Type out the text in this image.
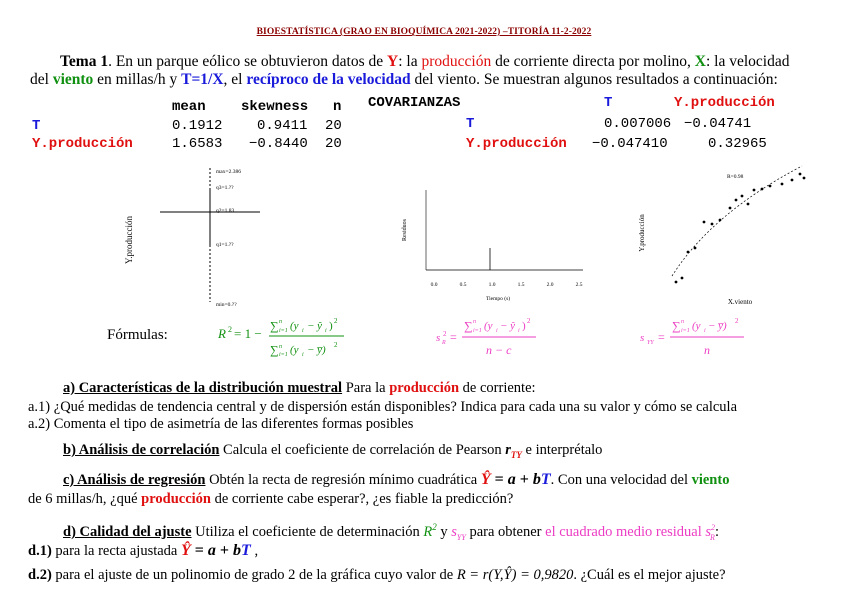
BIOESTATÍSTICA (GRAO EN BIOQUÍMICA 2021-2022) –TITORÍA 11-2-2022
Tema 1. En un parque eólico se obtuvieron datos de Y: la producción de corriente directa por molino, X: la velocidad
del viento en millas/h y T=1/X, el recíproco de la velocidad del viento. Se muestran algunos resultados a continuación:
mean	skewness n
T	0.1912 0.9411 20
Y.producción	1.6583 −0.8440 20
COVARIANZAS	T	Y.producción
T	0.007006 −0.04741
Y.producción −0.047410	0.32965
Y.producción
max=2.386
q3=1.??
q2=1.83
q1=1.??
min=0.??
Residuos
0.0	0.5	1.0	1.5	2.0	2.5
Tiempo (s)
Y.producción
R=0.98
X.viento
Fórmulas:	R 2 = 1 − ∑ n
i=1 (y i − ŷ i ) 2
∑ n
i=1 (y i − y̅) 2
s 2
R =
∑ n
i=1 (y i − ŷ i ) 2
n − c
s YY =
∑ n
i=1 (y i − y̅) 2
n
a) Características de la distribución muestral Para la producción de corriente:
a.1) ¿Qué medidas de tendencia central y de dispersión están disponibles? Indica para cada una su valor y cómo se calcula
a.2) Comenta el tipo de asimetría de las diferentes formas posibles
b) Análisis de correlación Calcula el coeficiente de correlación de Pearson $r_{TY}$ e interprétalo
c) Análisis de regresión Obtén la recta de regresión mínimo cuadrática Ŷ = a + bT. Con una velocidad del viento
de 6 millas/h, ¿qué producción de corriente cabe esperar?, ¿es fiable la predicción?
d) Calidad del ajuste Utiliza el coeficiente de determinación $R^2$ y $s_{YY}$ para obtener el cuadrado medio residual $s^2_R$:
d.1) para la recta ajustada Ŷ = a + bT ,
d.2) para el ajuste de un polinomio de grado 2 de la gráfica cuyo valor de R = r(Y,Ŷ) = 0,9820. ¿Cuál es el mejor ajuste?
